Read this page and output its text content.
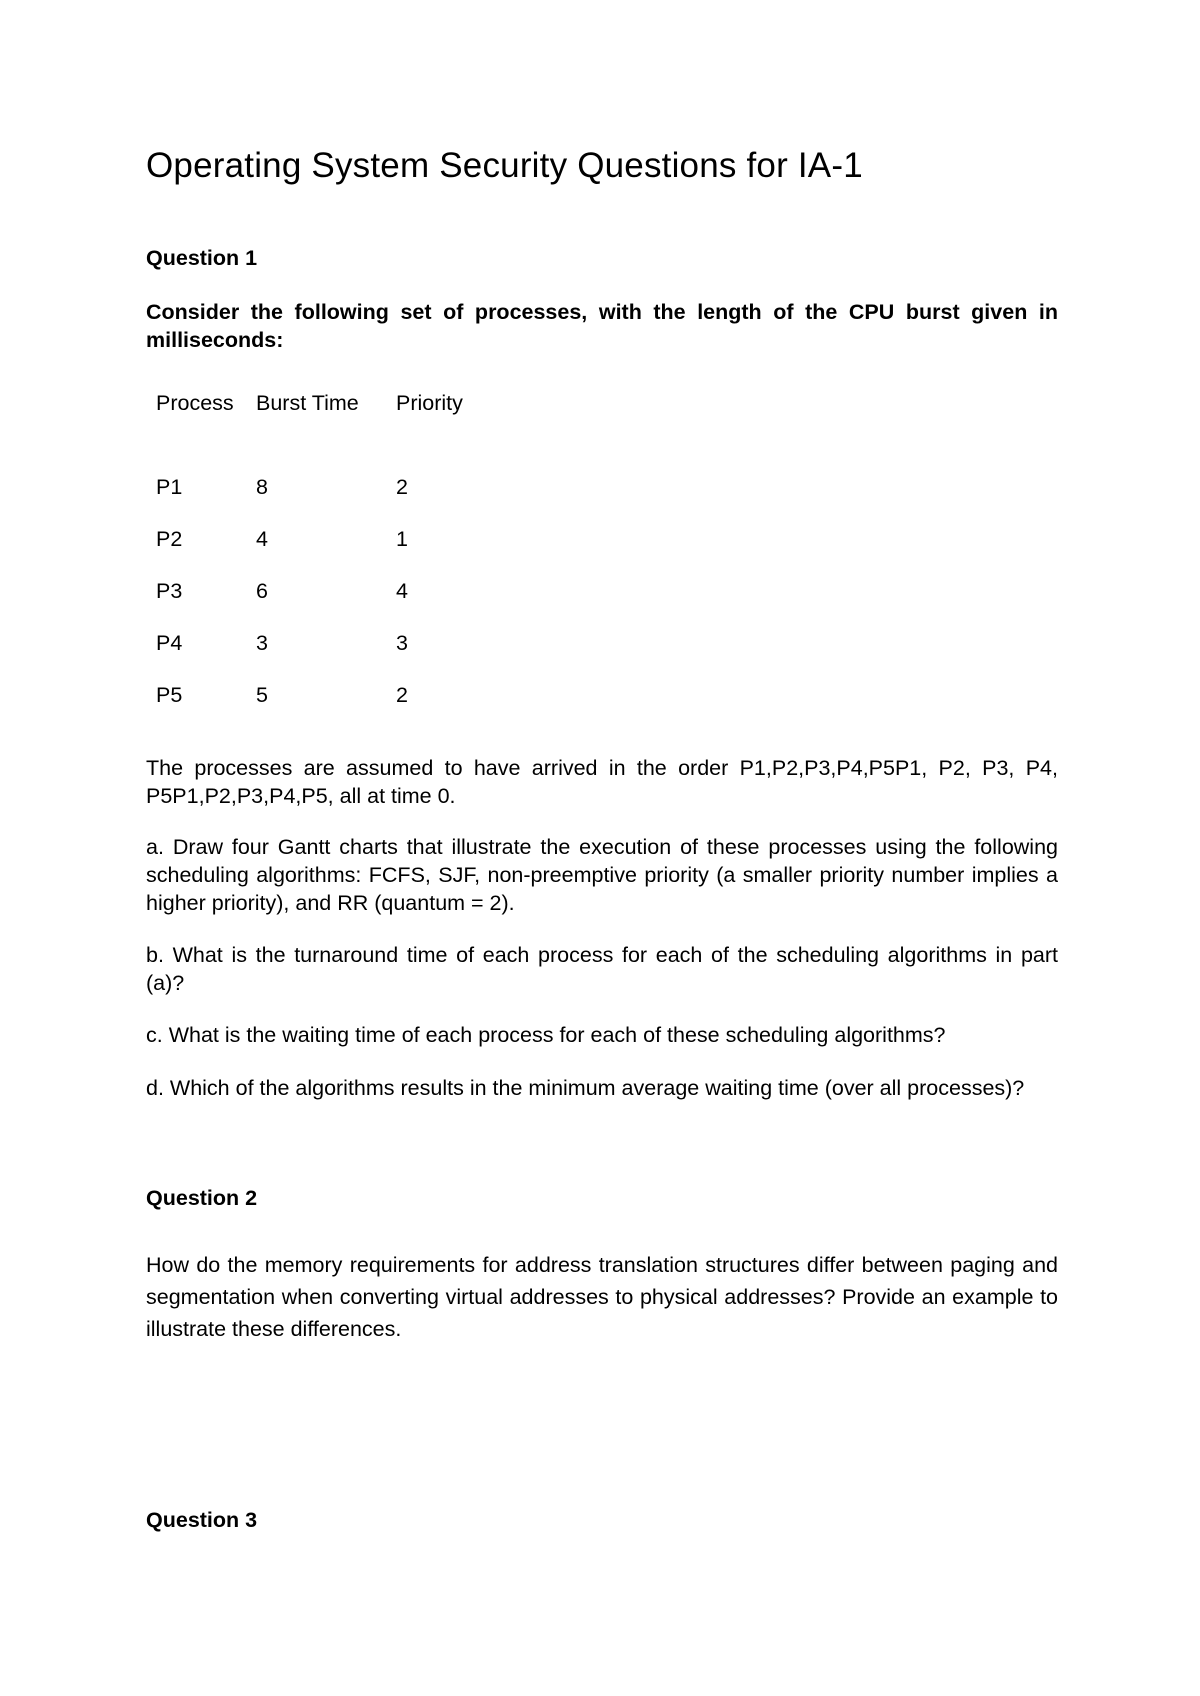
Operating System Security Questions for IA-1
Question 1

Consider the following set of processes, with the length of the CPU burst given in milliseconds:

Process	Burst Time	Priority
P1	8	2
P2	4	1
P3	6	4
P4	3	3
P5	5	2

The processes are assumed to have arrived in the order P1,P2,P3,P4,P5P1, P2, P3, P4, P5P1,P2,P3,P4,P5, all at time 0.

a. Draw four Gantt charts that illustrate the execution of these processes using the following scheduling algorithms: FCFS, SJF, non-preemptive priority (a smaller priority number implies a higher priority), and RR (quantum = 2).

b. What is the turnaround time of each process for each of the scheduling algorithms in part (a)?

c. What is the waiting time of each process for each of these scheduling algorithms?

d. Which of the algorithms results in the minimum average waiting time (over all processes)?

Question 2

How do the memory requirements for address translation structures differ between paging and segmentation when converting virtual addresses to physical addresses? Provide an example to illustrate these differences.

Question 3
